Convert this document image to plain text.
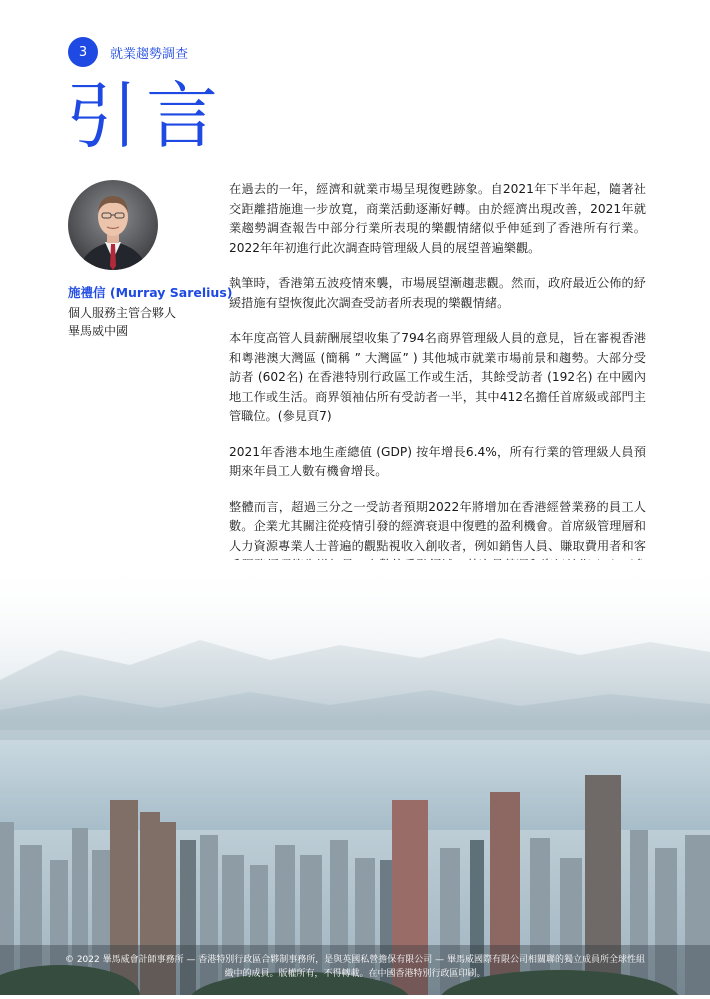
3	就業趨勢調查
引言
施禮信 (Murray Sarelius)
個人服務主管合夥人
畢馬威中國

在過去的一年，經濟和就業市場呈現復甦跡象。自2021年下半年起，隨著社交距離措施進一步放寬，商業活動逐漸好轉。由於經濟出現改善，2021年就業趨勢調查報告中部分行業所表現的樂觀情緒似乎伸延到了香港所有行業。2022年年初進行此次調查時管理級人員的展望普遍樂觀。

執筆時，香港第五波疫情來襲，市場展望漸趨悲觀。然而，政府最近公佈的紓緩措施有望恢復此次調查受訪者所表現的樂觀情緒。

本年度高管人員薪酬展望收集了794名商界管理級人員的意見，旨在審視香港和粵港澳大灣區 (簡稱 ” 大灣區” ) 其他城市就業市場前景和趨勢。大部分受訪者 (602名) 在香港特別行政區工作或生活，其餘受訪者 (192名) 在中國內地工作或生活。商界領袖佔所有受訪者一半，其中412名擔任首席級或部門主管職位。(參見頁7)

2021年香港本地生產總值 (GDP) 按年增長6.4%，所有行業的管理級人員預期來年員工人數有機會增長。

整體而言，超過三分之一受訪者預期2022年將增加在香港經營業務的員工人數。企業尤其關注從疫情引發的經濟衰退中復甦的盈利機會。首席級管理層和人力資源專業人士普遍的觀點視收入創收者，例如銷售人員、賺取費用者和客

© 2022 畢馬威會計師事務所 — 香港特別行政區合夥制事務所，是與英國私營擔保有限公司 — 畢馬威國際有限公司相關聯的獨立成員所全球性組
織中的成員。版權所有，不得轉載。在中國香港特別行政區印刷。
